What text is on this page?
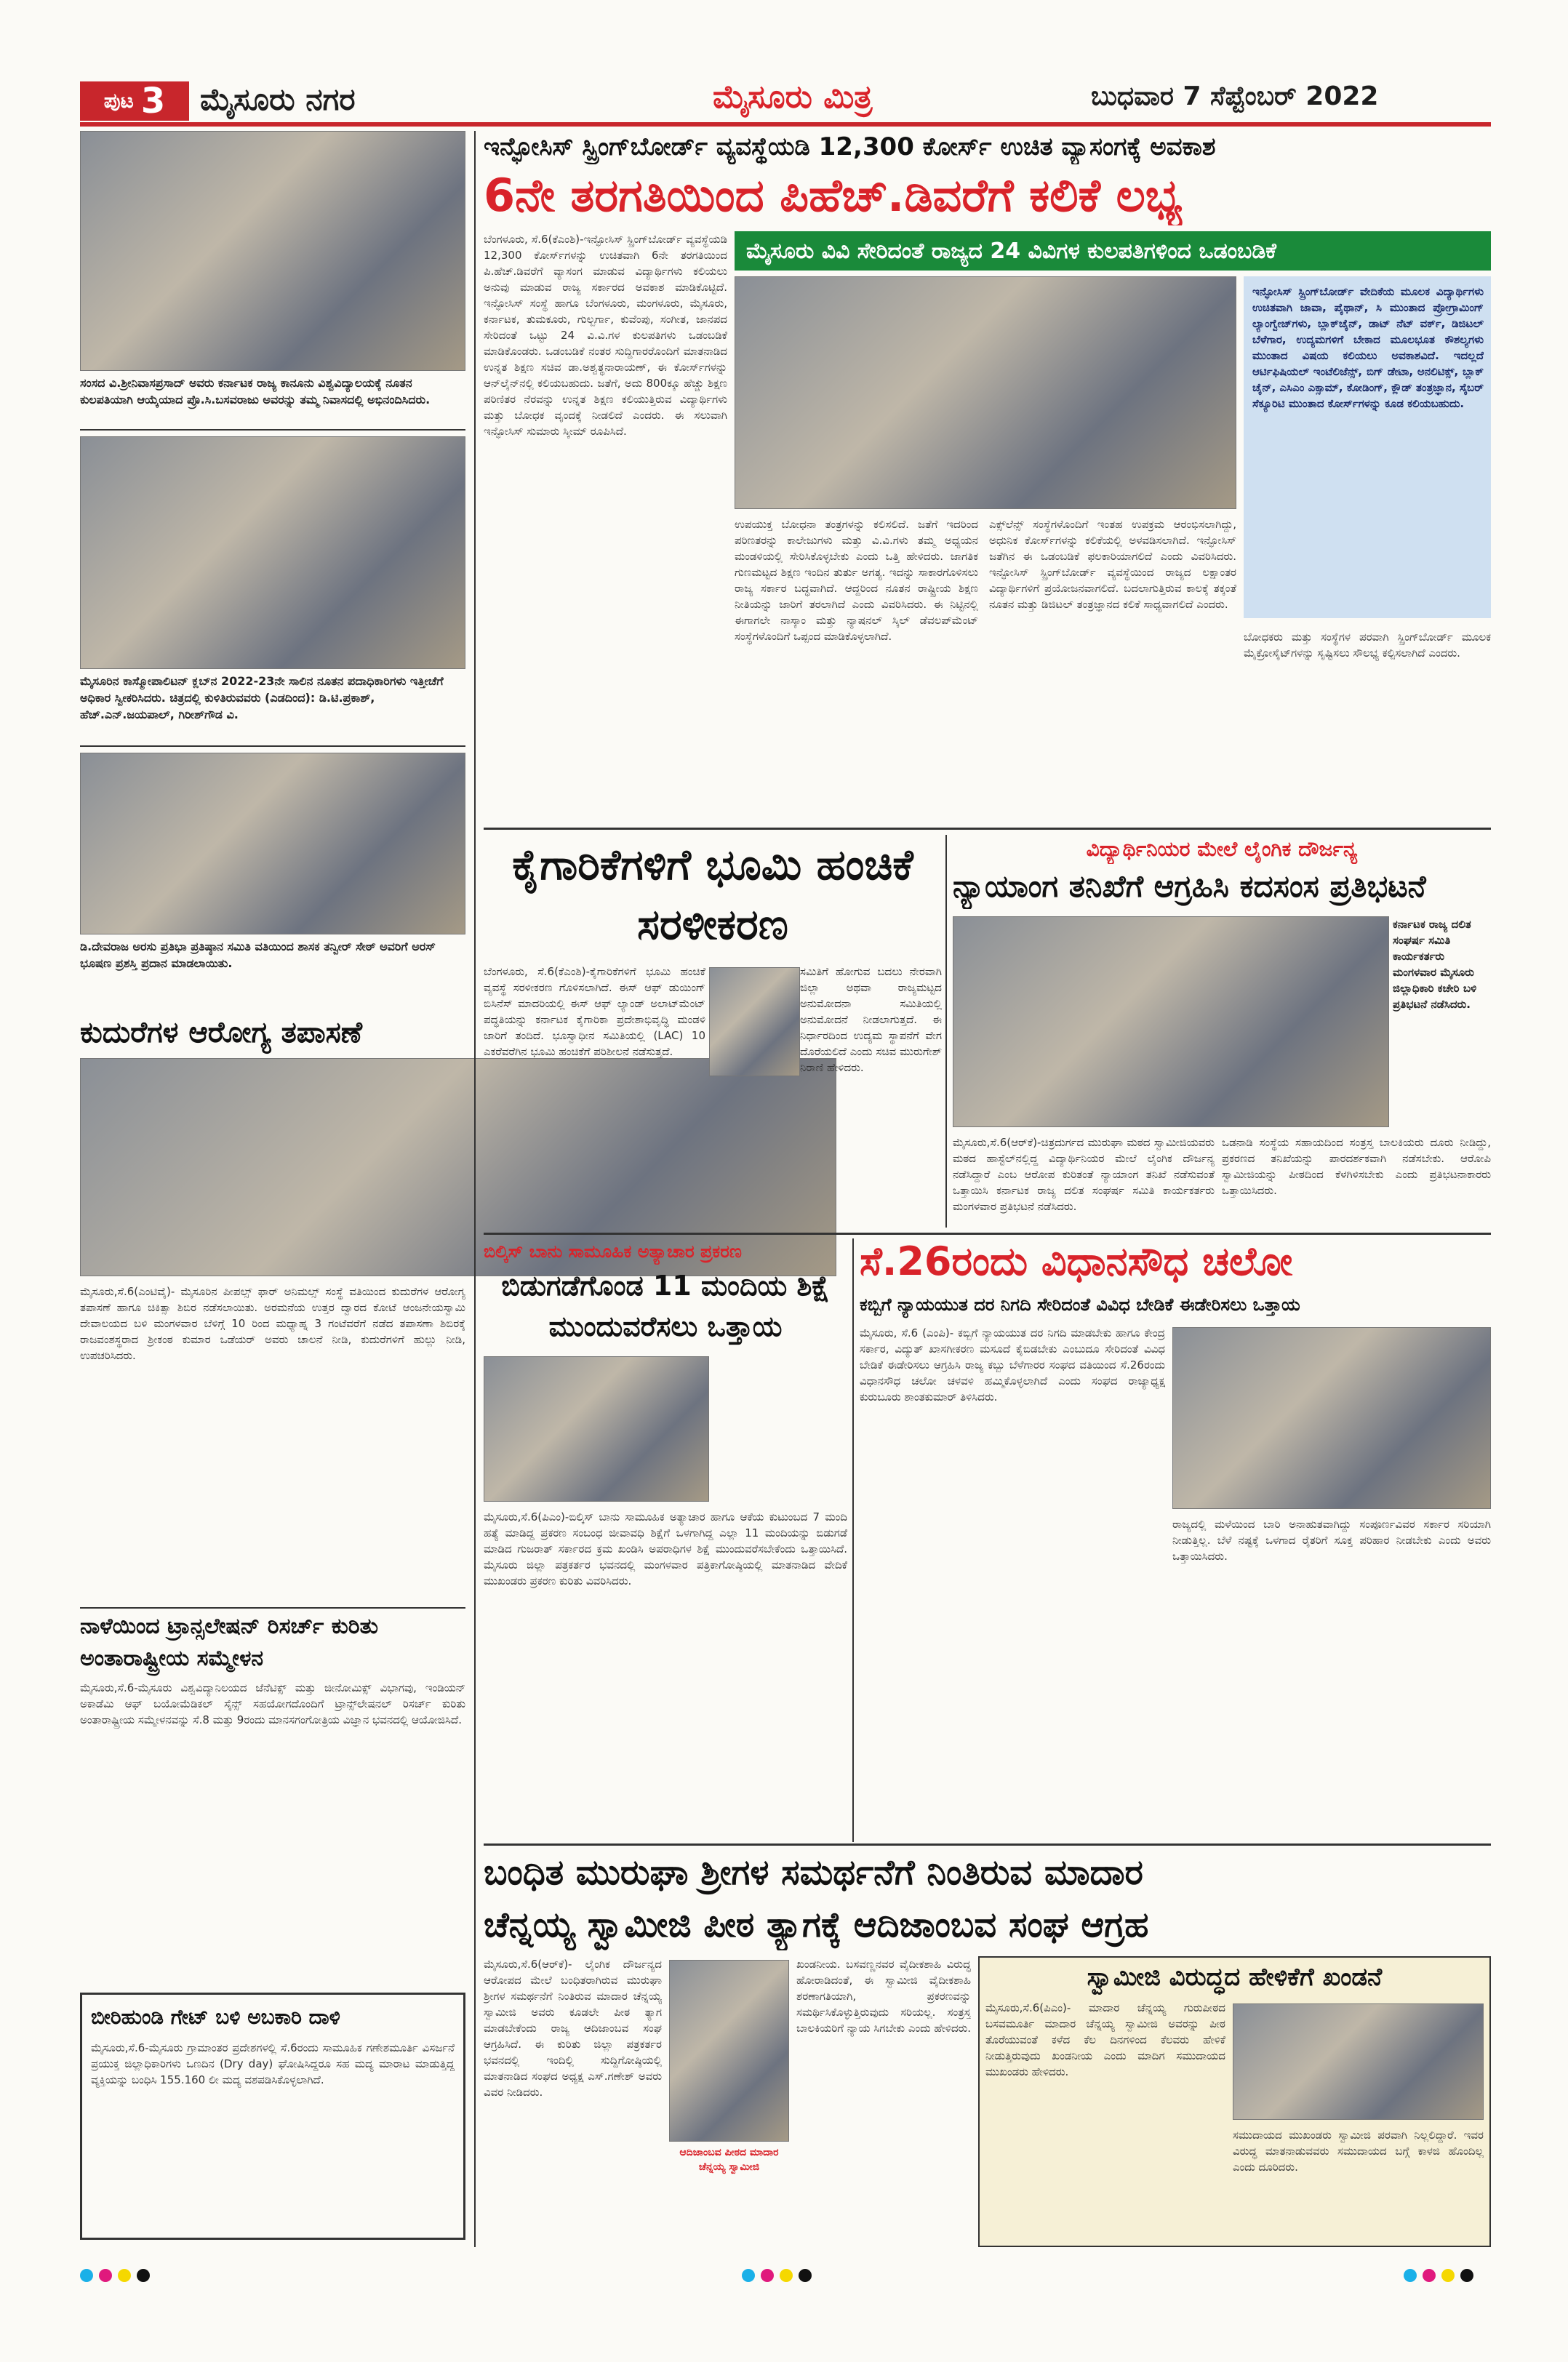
ಪುಟ 3 ಮೈಸೂರು ನಗರ	ಮೈಸೂರು ಮಿತ್ರ	ಬುಧವಾರ 7 ಸೆಪ್ಟೆಂಬರ್ 2022
ಸಂಸದ ವಿ.ಶ್ರೀನಿವಾಸಪ್ರಸಾದ್ ಅವರು ಕರ್ನಾಟಕ ರಾಜ್ಯ ಕಾನೂನು ವಿಶ್ವವಿದ್ಯಾಲಯಕ್ಕೆ ನೂತನ ಕುಲಪತಿಯಾಗಿ ಆಯ್ಕೆಯಾದ ಪ್ರೊ.ಸಿ.ಬಸವರಾಜು ಅವರನ್ನು ತಮ್ಮ ನಿವಾಸದಲ್ಲಿ ಅಭಿನಂದಿಸಿದರು.
ಮೈಸೂರಿನ ಕಾಸ್ಮೋಪಾಲಿಟನ್ ಕ್ಲಬ್‌ನ 2022-23ನೇ ಸಾಲಿನ ನೂತನ ಪದಾಧಿಕಾರಿಗಳು ಇತ್ತೀಚೆಗೆ ಅಧಿಕಾರ ಸ್ವೀಕರಿಸಿದರು. ಚಿತ್ರದಲ್ಲಿ ಕುಳಿತಿರುವವರು (ಎಡದಿಂದ): ಡಿ.ಟಿ.ಪ್ರಕಾಶ್, ಹೆಚ್.ಎನ್.ಜಯಪಾಲ್, ಗಿರೀಶ್‌ಗೌಡ ವಿ.
ಡಿ.ದೇವರಾಜ ಅರಸು ಪ್ರತಿಭಾ ಪ್ರತಿಷ್ಠಾನ ಸಮಿತಿ ವತಿಯಿಂದ ಶಾಸಕ ತನ್ವೀರ್ ಸೇಠ್ ಅವರಿಗೆ ಅರಸ್ ಭೂಷಣ ಪ್ರಶಸ್ತಿ ಪ್ರದಾನ ಮಾಡಲಾಯಿತು.
ಕುದುರೆಗಳ ಆರೋಗ್ಯ ತಪಾಸಣೆ
ಮೈಸೂರು,ಸೆ.6(ಎಂಟಿವೈ)- ಮೈಸೂರಿನ ಪೀಪಲ್ಸ್ ಫಾರ್ ಅನಿಮಲ್ಸ್ ಸಂಸ್ಥೆ ವತಿಯಿಂದ ಕುದುರೆಗಳ ಆರೋಗ್ಯ ತಪಾಸಣೆ ಹಾಗೂ ಚಿಕಿತ್ಸಾ ಶಿಬಿರ ನಡೆಸಲಾಯಿತು. ಅರಮನೆಯ ಉತ್ತರ ದ್ವಾರದ ಕೋಟೆ ಆಂಜನೇಯಸ್ವಾಮಿ ದೇವಾಲಯದ ಬಳಿ ಮಂಗಳವಾರ ಬೆಳಿಗ್ಗೆ 10 ರಿಂದ ಮಧ್ಯಾಹ್ನ 3 ಗಂಟೆವರೆಗೆ ನಡೆದ ತಪಾಸಣಾ ಶಿಬಿರಕ್ಕೆ ರಾಜವಂಶಸ್ಥರಾದ ಶ್ರೀಕಂಠ ಕುಮಾರ ಒಡೆಯರ್ ಅವರು ಚಾಲನೆ ನೀಡಿ, ಕುದುರೆಗಳಿಗೆ ಹುಲ್ಲು ನೀಡಿ, ಉಪಚರಿಸಿದರು.
ನಾಳೆಯಿಂದ ಟ್ರಾನ್ಸಲೇಷನ್ ರಿಸರ್ಚ್ ಕುರಿತು ಅಂತಾರಾಷ್ಟ್ರೀಯ ಸಮ್ಮೇಳನ
ಮೈಸೂರು,ಸೆ.6-ಮೈಸೂರು ವಿಶ್ವವಿದ್ಯಾನಿಲಯದ ಜೆನೆಟಿಕ್ಸ್ ಮತ್ತು ಜೀನೋಮಿಕ್ಸ್ ವಿಭಾಗವು, ಇಂಡಿಯನ್ ಅಕಾಡೆಮಿ ಆಫ್ ಬಯೋಮೆಡಿಕಲ್ ಸೈನ್ಸ್ ಸಹಯೋಗದೊಂದಿಗೆ ಟ್ರಾನ್ಸ್‌ಲೇಷನಲ್ ರಿಸರ್ಚ್ ಕುರಿತು ಅಂತಾರಾಷ್ಟ್ರೀಯ ಸಮ್ಮೇಳನವನ್ನು ಸೆ.8 ಮತ್ತು 9ರಂದು ಮಾನಸಗಂಗೋತ್ರಿಯ ವಿಜ್ಞಾನ ಭವನದಲ್ಲಿ ಆಯೋಜಿಸಿದೆ.
ಬೀರಿಹುಂಡಿ ಗೇಟ್ ಬಳಿ ಅಬಕಾರಿ ದಾಳಿ
ಮೈಸೂರು,ಸೆ.6-ಮೈಸೂರು ಗ್ರಾಮಾಂತರ ಪ್ರದೇಶಗಳಲ್ಲಿ ಸೆ.6ರಂದು ಸಾಮೂಹಿಕ ಗಣೇಶಮೂರ್ತಿ ವಿಸರ್ಜನೆ ಪ್ರಯುಕ್ತ ಜಿಲ್ಲಾಧಿಕಾರಿಗಳು ಒಣದಿನ (Dry day) ಘೋಷಿಸಿದ್ದರೂ ಸಹ ಮದ್ಯ ಮಾರಾಟ ಮಾಡುತ್ತಿದ್ದ ವ್ಯಕ್ತಿಯನ್ನು ಬಂಧಿಸಿ 155.160 ಲೀ ಮದ್ಯ ವಶಪಡಿಸಿಕೊಳ್ಳಲಾಗಿದೆ.
ಇನ್ಫೋಸಿಸ್ ಸ್ಪ್ರಿಂಗ್‌ಬೋರ್ಡ್ ವ್ಯವಸ್ಥೆಯಡಿ 12,300 ಕೋರ್ಸ್ ಉಚಿತ ವ್ಯಾಸಂಗಕ್ಕೆ ಅವಕಾಶ
6ನೇ ತರಗತಿಯಿಂದ ಪಿಹೆಚ್.ಡಿವರೆಗೆ ಕಲಿಕೆ ಲಭ್ಯ
ಬೆಂಗಳೂರು, ಸೆ.6(ಕೆಎಂಶಿ)-ಇನ್ಫೋಸಿಸ್ ಸ್ಪ್ರಿಂಗ್‌ಬೋರ್ಡ್ ವ್ಯವಸ್ಥೆಯಡಿ 12,300 ಕೋರ್ಸ್‌ಗಳನ್ನು ಉಚಿತವಾಗಿ 6ನೇ ತರಗತಿಯಿಂದ ಪಿ.ಹೆಚ್.ಡಿವರೆಗೆ ವ್ಯಾಸಂಗ ಮಾಡುವ ವಿದ್ಯಾರ್ಥಿಗಳು ಕಲಿಯಲು ಅನುವು ಮಾಡುವ ರಾಜ್ಯ ಸರ್ಕಾರದ ಅವಕಾಶ ಮಾಡಿಕೊಟ್ಟಿದೆ. ಇನ್ಫೋಸಿಸ್ ಸಂಸ್ಥೆ ಹಾಗೂ ಬೆಂಗಳೂರು, ಮಂಗಳೂರು, ಮೈಸೂರು, ಕರ್ನಾಟಕ, ತುಮಕೂರು, ಗುಲ್ಬರ್ಗಾ, ಕುವೆಂಪು, ಸಂಗೀತ, ಜಾನಪದ ಸೇರಿದಂತೆ ಒಟ್ಟು 24 ವಿ.ವಿ.ಗಳ ಕುಲಪತಿಗಳು ಒಡಂಬಡಿಕೆ ಮಾಡಿಕೊಂಡರು. ಒಡಂಬಡಿಕೆ ನಂತರ ಸುದ್ದಿಗಾರರೊಂದಿಗೆ ಮಾತನಾಡಿದ ಉನ್ನತ ಶಿಕ್ಷಣ ಸಚಿವ ಡಾ.ಅಶ್ವತ್ಥನಾರಾಯಣ್, ಈ ಕೋರ್ಸ್‌ಗಳನ್ನು ಆನ್‌ಲೈನ್‌ನಲ್ಲಿ ಕಲಿಯಬಹುದು. ಜತೆಗೆ, ಅದು 800ಕ್ಕೂ ಹೆಚ್ಚು ಶಿಕ್ಷಣ ಪರಿಣಿತರ ನೆರವನ್ನು ಉನ್ನತ ಶಿಕ್ಷಣ ಕಲಿಯುತ್ತಿರುವ ವಿದ್ಯಾರ್ಥಿಗಳು ಮತ್ತು ಬೋಧಕ ವೃಂದಕ್ಕೆ ನೀಡಲಿದೆ ಎಂದರು. ಈ ಸಲುವಾಗಿ ಇನ್ಫೋಸಿಸ್ ಸುಮಾರು ಸ್ಕೀಮ್ ರೂಪಿಸಿದೆ.
ಮೈಸೂರು ವಿವಿ ಸೇರಿದಂತೆ ರಾಜ್ಯದ 24 ವಿವಿಗಳ ಕುಲಪತಿಗಳಿಂದ ಒಡಂಬಡಿಕೆ
ಉಪಯುಕ್ತ ಬೋಧನಾ ತಂತ್ರಗಳನ್ನು ಕಲಿಸಲಿದೆ. ಜತೆಗೆ ಇದರಿಂದ ಪರಿಣತರನ್ನು ಕಾಲೇಜುಗಳು ಮತ್ತು ವಿ.ವಿ.ಗಳು ತಮ್ಮ ಅಧ್ಯಯನ ಮಂಡಳಿಯಲ್ಲಿ ಸೇರಿಸಿಕೊಳ್ಳಬೇಕು ಎಂದು ಒತ್ತಿ ಹೇಳಿದರು. ಜಾಗತಿಕ ಗುಣಮಟ್ಟದ ಶಿಕ್ಷಣ ಇಂದಿನ ತುರ್ತು ಅಗತ್ಯ. ಇದನ್ನು ಸಾಕಾರಗೊಳಿಸಲು ರಾಜ್ಯ ಸರ್ಕಾರ ಬದ್ಧವಾಗಿದೆ. ಆದ್ದರಿಂದ ನೂತನ ರಾಷ್ಟ್ರೀಯ ಶಿಕ್ಷಣ ನೀತಿಯನ್ನು ಜಾರಿಗೆ ತರಲಾಗಿದೆ ಎಂದು ವಿವರಿಸಿದರು. ಈ ನಿಟ್ಟಿನಲ್ಲಿ ಈಗಾಗಲೇ ನಾಸ್ಕಾಂ ಮತ್ತು ನ್ಯಾಷನಲ್ ಸ್ಕಿಲ್ ಡೆವಲಪ್‌ಮೆಂಟ್ ಸಂಸ್ಥೆಗಳೊಂದಿಗೆ ಒಪ್ಪಂದ ಮಾಡಿಕೊಳ್ಳಲಾಗಿದೆ.
ಎಕ್ಸ್‌ಲೆನ್ಸ್ ಸಂಸ್ಥೆಗಳೊಂದಿಗೆ ಇಂತಹ ಉಪಕ್ರಮ ಆರಂಭಿಸಲಾಗಿದ್ದು, ಅಧುನಿಕ ಕೋರ್ಸ್‌ಗಳನ್ನು ಕಲಿಕೆಯಲ್ಲಿ ಅಳವಡಿಸಲಾಗಿದೆ. ಇನ್ಫೋಸಿಸ್ ಜತೆಗಿನ ಈ ಒಡಂಬಡಿಕೆ ಫಲಕಾರಿಯಾಗಲಿದೆ ಎಂದು ವಿವರಿಸಿದರು. ಇನ್ಫೋಸಿಸ್ ಸ್ಪ್ರಿಂಗ್‌ಬೋರ್ಡ್ ವ್ಯವಸ್ಥೆಯಿಂದ ರಾಜ್ಯದ ಲಕ್ಷಾಂತರ ವಿದ್ಯಾರ್ಥಿಗಳಿಗೆ ಪ್ರಯೋಜನವಾಗಲಿದೆ. ಬದಲಾಗುತ್ತಿರುವ ಕಾಲಕ್ಕೆ ತಕ್ಕಂತೆ ನೂತನ ಮತ್ತು ಡಿಜಿಟಲ್ ತಂತ್ರಜ್ಞಾನದ ಕಲಿಕೆ ಸಾಧ್ಯವಾಗಲಿದೆ ಎಂದರು.
ಇನ್ಫೋಸಿಸ್ ಸ್ಪ್ರಿಂಗ್‌ಬೋರ್ಡ್ ವೇದಿಕೆಯ ಮೂಲಕ ವಿದ್ಯಾರ್ಥಿಗಳು ಉಚಿತವಾಗಿ ಜಾವಾ, ಪೈಥಾನ್, ಸಿ ಮುಂತಾದ ಪ್ರೋಗ್ರಾಮಿಂಗ್ ಲ್ಯಾಂಗ್ವೇಜ್‌ಗಳು, ಬ್ಲಾಕ್‌ಚೈನ್, ಡಾಟ್ ನೆಟ್ ವರ್ಕ್, ಡಿಜಿಟಲ್ ಬೆಳೆಗಾರ, ಉದ್ಯಮಗಳಿಗೆ ಬೇಕಾದ ಮೂಲಭೂತ ಕೌಶಲ್ಯಗಳು ಮುಂತಾದ ವಿಷಯ ಕಲಿಯಲು ಅವಕಾಶವಿದೆ. ಇದಲ್ಲದೆ ಆರ್ಟಿಫಿಷಿಯಲ್ ಇಂಟೆಲಿಜೆನ್ಸ್, ಬಿಗ್ ಡೇಟಾ, ಅನಲಿಟಿಕ್ಸ್, ಬ್ಲಾಕ್ ಚೈನ್, ಎಸಿಎಂ ಎಕ್ಸಾಮ್, ಕೋಡಿಂಗ್, ಕ್ಲೌಡ್ ತಂತ್ರಜ್ಞಾನ, ಸೈಬರ್ ಸೆಕ್ಯೂರಿಟಿ ಮುಂತಾದ ಕೋರ್ಸ್‌ಗಳನ್ನು ಕೂಡ ಕಲಿಯಬಹುದು.
ಬೋಧಕರು ಮತ್ತು ಸಂಸ್ಥೆಗಳ ಪರವಾಗಿ ಸ್ಪ್ರಿಂಗ್‌ಬೋರ್ಡ್ ಮೂಲಕ ಮೈಕ್ರೋಸೈಟ್‌ಗಳನ್ನು ಸೃಷ್ಟಿಸಲು ಸೌಲಭ್ಯ ಕಲ್ಪಿಸಲಾಗಿದೆ ಎಂದರು.
ಕೈಗಾರಿಕೆಗಳಿಗೆ ಭೂಮಿ ಹಂಚಿಕೆ ಸರಳೀಕರಣ
ಬೆಂಗಳೂರು, ಸೆ.6(ಕೆಎಂಶಿ)-ಕೈಗಾರಿಕೆಗಳಿಗೆ ಭೂಮಿ ಹಂಚಿಕೆ ವ್ಯವಸ್ಥೆ ಸರಳೀಕರಣ ಗೊಳಿಸಲಾಗಿದೆ. ಈಸ್ ಆಫ್ ಡುಯಿಂಗ್ ಬಿಸಿನೆಸ್ ಮಾದರಿಯಲ್ಲಿ ಈಸ್ ಆಫ್ ಲ್ಯಾಂಡ್ ಅಲಾಟ್‌ಮೆಂಟ್ ಪದ್ಧತಿಯನ್ನು ಕರ್ನಾಟಕ ಕೈಗಾರಿಕಾ ಪ್ರದೇಶಾಭಿವೃದ್ಧಿ ಮಂಡಳಿ ಜಾರಿಗೆ ತಂದಿದೆ. ಭೂಸ್ವಾಧೀನ ಸಮಿತಿಯಲ್ಲಿ (LAC) 10 ಎಕರೆವರೆಗಿನ ಭೂಮಿ ಹಂಚಿಕೆಗೆ ಪರಿಶೀಲನೆ ನಡೆಸುತ್ತದೆ.
ಸಮಿತಿಗೆ ಹೋಗುವ ಬದಲು ನೇರವಾಗಿ ಜಿಲ್ಲಾ ಅಥವಾ ರಾಜ್ಯಮಟ್ಟದ ಅನುಮೋದನಾ ಸಮಿತಿಯಲ್ಲಿ ಅನುಮೋದನೆ ನೀಡಲಾಗುತ್ತದೆ. ಈ ನಿರ್ಧಾರದಿಂದ ಉದ್ಯಮ ಸ್ಥಾಪನೆಗೆ ವೇಗ ದೊರೆಯಲಿದೆ ಎಂದು ಸಚಿವ ಮುರುಗೇಶ್ ನಿರಾಣಿ ಹೇಳಿದರು.
ವಿದ್ಯಾರ್ಥಿನಿಯರ ಮೇಲೆ ಲೈಂಗಿಕ ದೌರ್ಜನ್ಯ
ನ್ಯಾಯಾಂಗ ತನಿಖೆಗೆ ಆಗ್ರಹಿಸಿ ಕದಸಂಸ ಪ್ರತಿಭಟನೆ
ಕರ್ನಾಟಕ ರಾಜ್ಯ ದಲಿತ ಸಂಘರ್ಷ ಸಮಿತಿ ಕಾರ್ಯಕರ್ತರು ಮಂಗಳವಾರ ಮೈಸೂರು ಜಿಲ್ಲಾಧಿಕಾರಿ ಕಚೇರಿ ಬಳಿ ಪ್ರತಿಭಟನೆ ನಡೆಸಿದರು.
ಮೈಸೂರು,ಸೆ.6(ಆರ್‌ಕೆ)-ಚಿತ್ರದುರ್ಗದ ಮುರುಘಾ ಮಠದ ಸ್ವಾಮೀಜಿಯವರು ಮಠದ ಹಾಸ್ಟೆಲ್‌ನಲ್ಲಿದ್ದ ವಿದ್ಯಾರ್ಥಿನಿಯರ ಮೇಲೆ ಲೈಂಗಿಕ ದೌರ್ಜನ್ಯ ನಡೆಸಿದ್ದಾರೆ ಎಂಬ ಆರೋಪ ಕುರಿತಂತೆ ನ್ಯಾಯಾಂಗ ತನಿಖೆ ನಡೆಸುವಂತೆ ಒತ್ತಾಯಿಸಿ ಕರ್ನಾಟಕ ರಾಜ್ಯ ದಲಿತ ಸಂಘರ್ಷ ಸಮಿತಿ ಕಾರ್ಯಕರ್ತರು ಮಂಗಳವಾರ ಪ್ರತಿಭಟನೆ ನಡೆಸಿದರು.
ಒಡನಾಡಿ ಸಂಸ್ಥೆಯ ಸಹಾಯದಿಂದ ಸಂತ್ರಸ್ತ ಬಾಲಕಿಯರು ದೂರು ನೀಡಿದ್ದು, ಪ್ರಕರಣದ ತನಿಖೆಯನ್ನು ಪಾರದರ್ಶಕವಾಗಿ ನಡೆಸಬೇಕು. ಆರೋಪಿ ಸ್ವಾಮೀಜಿಯನ್ನು ಪೀಠದಿಂದ ಕೆಳಗಿಳಿಸಬೇಕು ಎಂದು ಪ್ರತಿಭಟನಾಕಾರರು ಒತ್ತಾಯಿಸಿದರು.
ಬಿಲ್ಕಿಸ್ ಬಾನು ಸಾಮೂಹಿಕ ಅತ್ಯಾಚಾರ ಪ್ರಕರಣ
ಬಿಡುಗಡೆಗೊಂಡ 11 ಮಂದಿಯ ಶಿಕ್ಷೆ ಮುಂದುವರೆಸಲು ಒತ್ತಾಯ
ಮೈಸೂರು,ಸೆ.6(ಪಿಎಂ)-ಬಿಲ್ಕಿಸ್ ಬಾನು ಸಾಮೂಹಿಕ ಅತ್ಯಾಚಾರ ಹಾಗೂ ಆಕೆಯ ಕುಟುಂಬದ 7 ಮಂದಿ ಹತ್ಯೆ ಮಾಡಿದ್ದ ಪ್ರಕರಣ ಸಂಬಂಧ ಜೀವಾವಧಿ ಶಿಕ್ಷೆಗೆ ಒಳಗಾಗಿದ್ದ ಎಲ್ಲಾ 11 ಮಂದಿಯನ್ನು ಬಿಡುಗಡೆ ಮಾಡಿದ ಗುಜರಾತ್ ಸರ್ಕಾರದ ಕ್ರಮ ಖಂಡಿಸಿ ಅಪರಾಧಿಗಳ ಶಿಕ್ಷೆ ಮುಂದುವರೆಸಬೇಕೆಂದು ಒತ್ತಾಯಿಸಿದೆ. ಮೈಸೂರು ಜಿಲ್ಲಾ ಪತ್ರಕರ್ತರ ಭವನದಲ್ಲಿ ಮಂಗಳವಾರ ಪತ್ರಿಕಾಗೋಷ್ಠಿಯಲ್ಲಿ ಮಾತನಾಡಿದ ವೇದಿಕೆ ಮುಖಂಡರು ಪ್ರಕರಣ ಕುರಿತು ವಿವರಿಸಿದರು.
ಸೆ.26ರಂದು ವಿಧಾನಸೌಧ ಚಲೋ
ಕಬ್ಬಿಗೆ ನ್ಯಾಯಯುತ ದರ ನಿಗದಿ ಸೇರಿದಂತೆ ವಿವಿಧ ಬೇಡಿಕೆ ಈಡೇರಿಸಲು ಒತ್ತಾಯ
ಮೈಸೂರು, ಸೆ.6 (ಎಂಪಿ)- ಕಬ್ಬಿಗೆ ನ್ಯಾಯಯುತ ದರ ನಿಗದಿ ಮಾಡಬೇಕು ಹಾಗೂ ಕೇಂದ್ರ ಸರ್ಕಾರ, ವಿದ್ಯುತ್ ಖಾಸಗೀಕರಣ ಮಸೂದೆ ಕೈಬಿಡಬೇಕು ಎಂಬುದೂ ಸೇರಿದಂತೆ ವಿವಿಧ ಬೇಡಿಕೆ ಈಡೇರಿಸಲು ಆಗ್ರಹಿಸಿ ರಾಜ್ಯ ಕಬ್ಬು ಬೆಳೆಗಾರರ ಸಂಘದ ವತಿಯಿಂದ ಸೆ.26ರಂದು ವಿಧಾನಸೌಧ ಚಲೋ ಚಳವಳಿ ಹಮ್ಮಿಕೊಳ್ಳಲಾಗಿದೆ ಎಂದು ಸಂಘದ ರಾಜ್ಯಾಧ್ಯಕ್ಷ ಕುರುಬೂರು ಶಾಂತಕುಮಾರ್ ತಿಳಿಸಿದರು.
ರಾಜ್ಯದಲ್ಲಿ ಮಳೆಯಿಂದ ಬಾರಿ ಅನಾಹುತವಾಗಿದ್ದು ಸಂಪೂರ್ಣವಿವರ ಸರ್ಕಾರ ಸರಿಯಾಗಿ ನೀಡುತ್ತಿಲ್ಲ. ಬೆಳೆ ನಷ್ಟಕ್ಕೆ ಒಳಗಾದ ರೈತರಿಗೆ ಸೂಕ್ತ ಪರಿಹಾರ ನೀಡಬೇಕು ಎಂದು ಅವರು ಒತ್ತಾಯಿಸಿದರು.
ಬಂಧಿತ ಮುರುಘಾ ಶ್ರೀಗಳ ಸಮರ್ಥನೆಗೆ ನಿಂತಿರುವ ಮಾದಾರ
ಚೆನ್ನಯ್ಯ ಸ್ವಾಮೀಜಿ ಪೀಠ ತ್ಯಾಗಕ್ಕೆ ಆದಿಜಾಂಬವ ಸಂಘ ಆಗ್ರಹ
ಮೈಸೂರು,ಸೆ.6(ಆರ್‌ಕೆ)- ಲೈಂಗಿಕ ದೌರ್ಜನ್ಯದ ಆರೋಪದ ಮೇಲೆ ಬಂಧಿತರಾಗಿರುವ ಮುರುಘಾ ಶ್ರೀಗಳ ಸಮರ್ಥನೆಗೆ ನಿಂತಿರುವ ಮಾದಾರ ಚೆನ್ನಯ್ಯ ಸ್ವಾಮೀಜಿ ಅವರು ಕೂಡಲೇ ಪೀಠ ತ್ಯಾಗ ಮಾಡಬೇಕೆಂದು ರಾಜ್ಯ ಆದಿಜಾಂಬವ ಸಂಘ ಆಗ್ರಹಿಸಿದೆ. ಈ ಕುರಿತು ಜಿಲ್ಲಾ ಪತ್ರಕರ್ತರ ಭವನದಲ್ಲಿ ಇಂದಿಲ್ಲಿ ಸುದ್ದಿಗೋಷ್ಠಿಯಲ್ಲಿ ಮಾತನಾಡಿದ ಸಂಘದ ಅಧ್ಯಕ್ಷ ಎಸ್.ಗಣೇಶ್ ಅವರು ವಿವರ ನೀಡಿದರು.
ಆದಿಜಾಂಬವ ಪೀಠದ ಮಾದಾರ ಚೆನ್ನಯ್ಯ ಸ್ವಾಮೀಜಿ
ಖಂಡನೀಯ. ಬಸವಣ್ಣನವರ ವೈದೀಕಶಾಹಿ ವಿರುದ್ಧ ಹೋರಾಡಿದಂತೆ, ಈ ಸ್ವಾಮೀಜಿ ವೈದೀಕಶಾಹಿ ಶರಣಾಗತಿಯಾಗಿ, ಪ್ರಕರಣವನ್ನು ಸಮರ್ಥಿಸಿಕೊಳ್ಳುತ್ತಿರುವುದು ಸರಿಯಲ್ಲ. ಸಂತ್ರಸ್ತ ಬಾಲಕಿಯರಿಗೆ ನ್ಯಾಯ ಸಿಗಬೇಕು ಎಂದು ಹೇಳಿದರು.
ಸ್ವಾಮೀಜಿ ವಿರುದ್ಧದ ಹೇಳಿಕೆಗೆ ಖಂಡನೆ
ಮೈಸೂರು,ಸೆ.6(ಪಿಎಂ)- ಮಾದಾರ ಚೆನ್ನಯ್ಯ ಗುರುಪೀಠದ ಬಸವಮೂರ್ತಿ ಮಾದಾರ ಚೆನ್ನಯ್ಯ ಸ್ವಾಮೀಜಿ ಅವರನ್ನು ಪೀಠ ತೊರೆಯುವಂತೆ ಕಳೆದ ಕೆಲ ದಿನಗಳಿಂದ ಕೆಲವರು ಹೇಳಿಕೆ ನೀಡುತ್ತಿರುವುದು ಖಂಡನೀಯ ಎಂದು ಮಾದಿಗ ಸಮುದಾಯದ ಮುಖಂಡರು ಹೇಳಿದರು.
ಸಮುದಾಯದ ಮುಖಂಡರು ಸ್ವಾಮೀಜಿ ಪರವಾಗಿ ನಿಲ್ಲಲಿದ್ದಾರೆ. ಇವರ ವಿರುದ್ಧ ಮಾತನಾಡುವವರು ಸಮುದಾಯದ ಬಗ್ಗೆ ಕಾಳಜಿ ಹೊಂದಿಲ್ಲ ಎಂದು ದೂರಿದರು.
